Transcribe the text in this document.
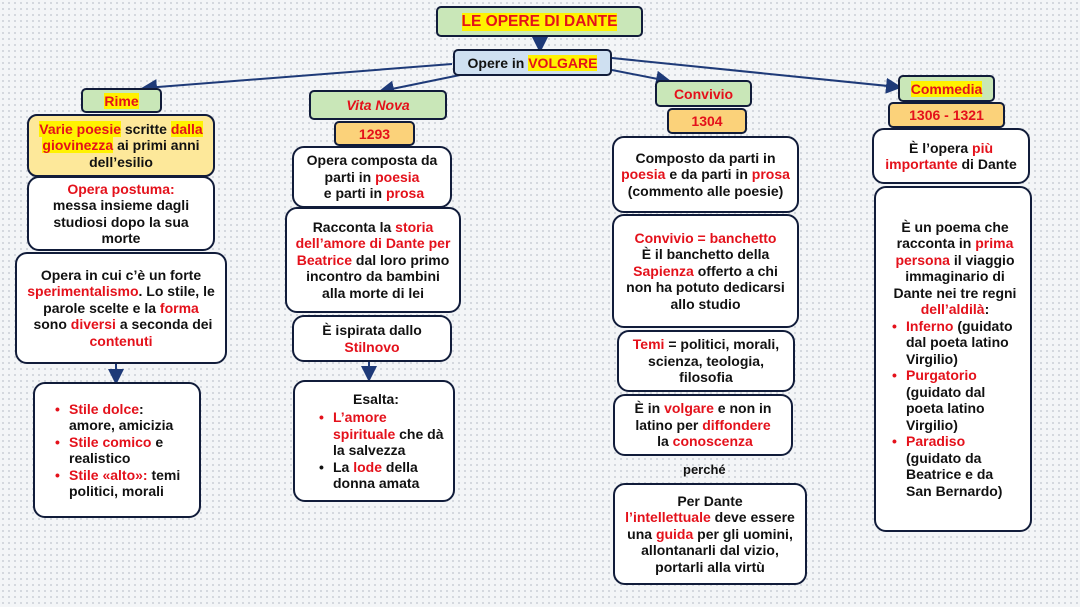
LE OPERE DI DANTE
Opere in VOLGARE
Rime
Varie poesie scritte dalla giovinezza ai primi anni dell’esilio
Opera postuma:
messa insieme dagli studiosi dopo la sua morte
Opera in cui c’è un forte sperimentalismo. Lo stile, le parole scelte e la forma sono diversi a seconda dei contenuti
• Stile dolce: amore, amicizia
• Stile comico e realistico
• Stile «alto»: temi politici, morali
Vita Nova
1293
Opera composta da parti in poesia e parti in prosa
Racconta la storia dell’amore di Dante per Beatrice dal loro primo incontro da bambini alla morte di lei
È ispirata dallo
Stilnovo
Esalta:
• L’amore spirituale che dà la salvezza
• La lode della donna amata
Convivio
1304
Composto da parti in poesia e da parti in prosa (commento alle poesie)
Convivio = banchetto
È il banchetto della Sapienza offerto a chi non ha potuto dedicarsi allo studio
Temi = politici, morali, scienza, teologia, filosofia
È in volgare e non in latino per diffondere la conoscenza
perché
Per Dante
l’intellettuale deve essere una guida per gli uomini, allontanarli dal vizio, portarli alla virtù
Commedia
1306 - 1321
È l’opera più importante di Dante
È un poema che racconta in prima persona il viaggio immaginario di Dante nei tre regni dell’aldilà:
• Inferno (guidato dal poeta latino Virgilio)
• Purgatorio (guidato dal poeta latino Virgilio)
• Paradiso (guidato da Beatrice e da San Bernardo)
